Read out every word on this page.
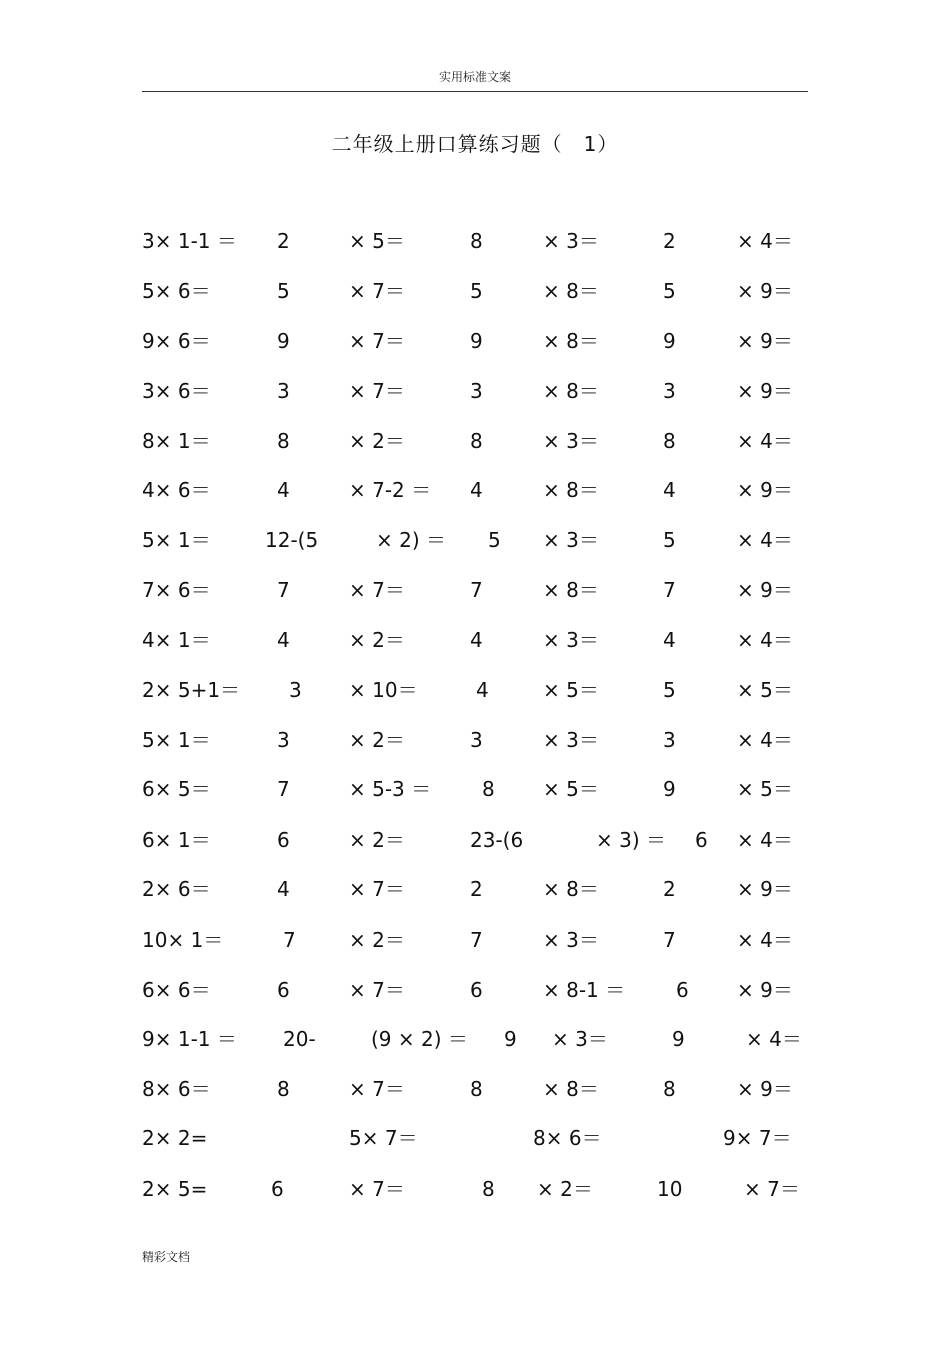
实用标准文案
二年级上册口算练习题（　1）
3× 1-1 ＝ 2	× 5＝	8	× 3＝	2	× 4＝
5× 6＝	5	× 7＝	5	× 8＝	5	× 9＝
9× 6＝	9	× 7＝	9	× 8＝	9	× 9＝
3× 6＝	3	× 7＝	3	× 8＝	3	× 9＝
8× 1＝	8	× 2＝	8	× 3＝	8	× 4＝
4× 6＝	4	× 7-2 ＝ 4	× 8＝	4	× 9＝
5× 1＝	12-(5	× 2) ＝ 5 × 3＝	5	× 4＝
7× 6＝	7	× 7＝	7	× 8＝	7	× 9＝
4× 1＝	4	× 2＝	4	× 3＝	4	× 4＝
2× 5+1＝ 3 × 10＝	4	× 5＝	5	× 5＝
5× 1＝	3	× 2＝	3	× 3＝	3	× 4＝
6× 5＝	7	× 5-3 ＝	8 × 5＝	9	× 5＝
6× 1＝	6	× 2＝	23-(6	× 3) ＝ 6 × 4＝
2× 6＝	4	× 7＝	2	× 8＝	2	× 9＝
10× 1＝	7	× 2＝	7	× 3＝	7	× 4＝
6× 6＝	6	× 7＝	6	× 8-1 ＝	6 × 9＝
9× 1-1 ＝ 20-	(9 × 2) ＝ 9 × 3＝	9	× 4＝
8× 6＝	8	× 7＝	8	× 8＝	8	× 9＝
2× 2=	5× 7＝	8× 6＝	9× 7＝
2× 5=	6	× 7＝	8 × 2＝	10	× 7＝
精彩文档
